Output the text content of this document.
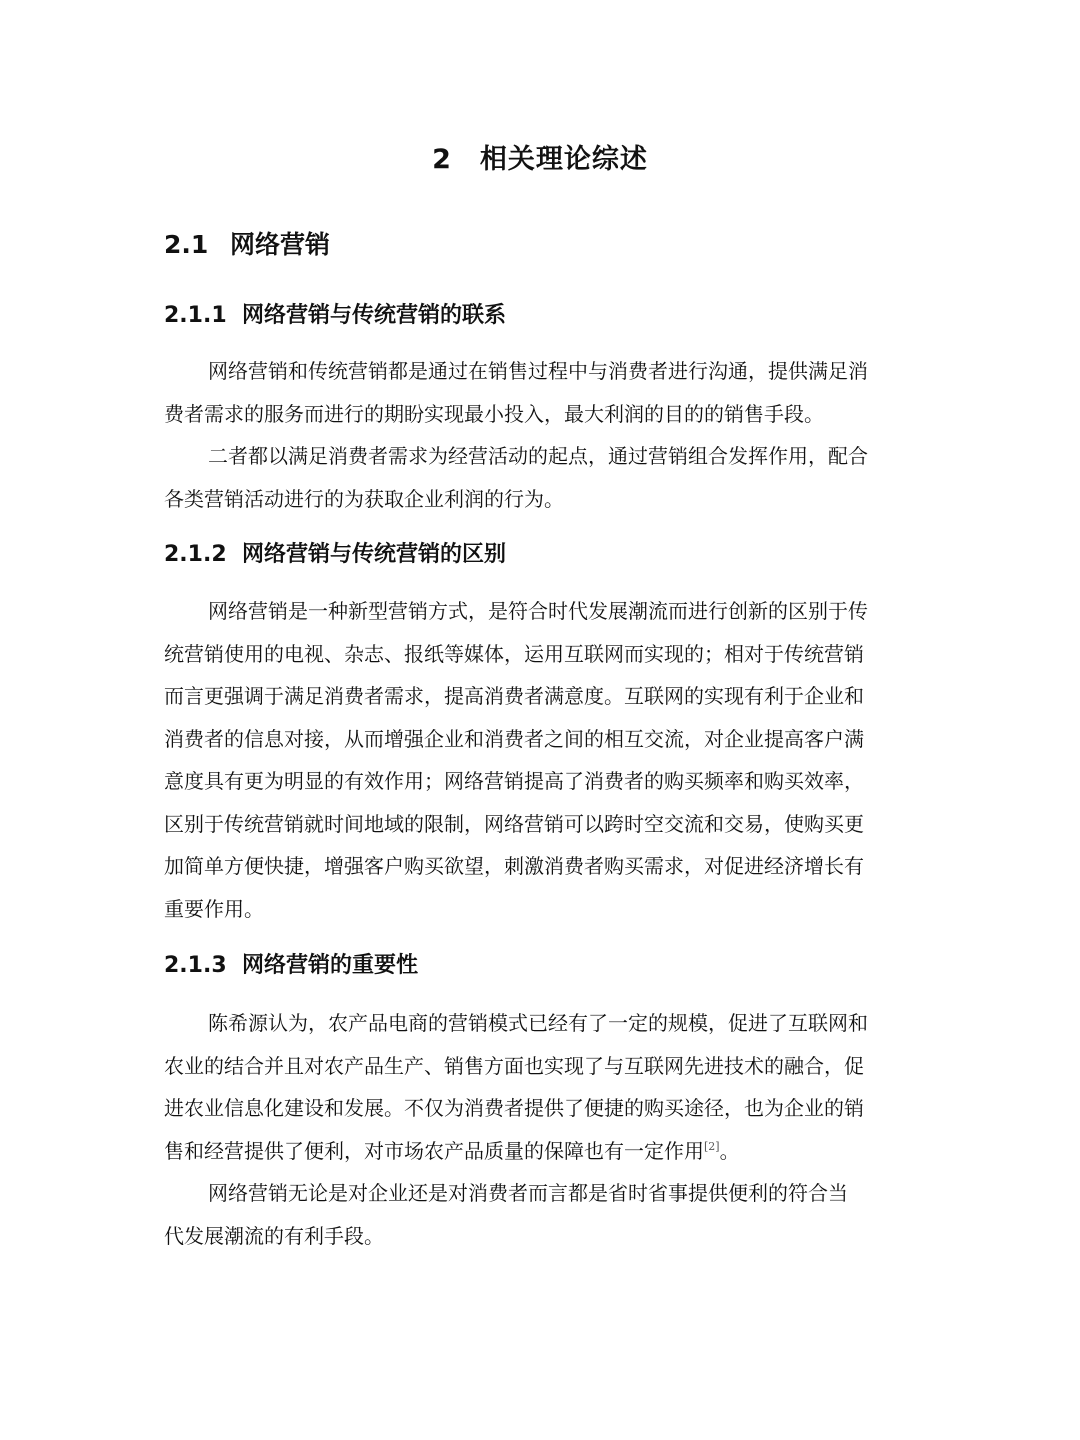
2 相关理论综述
2.1 网络营销
2.1.1 网络营销与传统营销的联系
网络营销和传统营销都是通过在销售过程中与消费者进行沟通，提供满足消
费者需求的服务而进行的期盼实现最小投入，最大利润的目的的销售手段。
二者都以满足消费者需求为经营活动的起点，通过营销组合发挥作用，配合
各类营销活动进行的为获取企业利润的行为。
2.1.2 网络营销与传统营销的区别
网络营销是一种新型营销方式，是符合时代发展潮流而进行创新的区别于传
统营销使用的电视、杂志、报纸等媒体，运用互联网而实现的；相对于传统营销
而言更强调于满足消费者需求，提高消费者满意度。互联网的实现有利于企业和
消费者的信息对接，从而增强企业和消费者之间的相互交流，对企业提高客户满
意度具有更为明显的有效作用；网络营销提高了消费者的购买频率和购买效率，
区别于传统营销就时间地域的限制，网络营销可以跨时空交流和交易，使购买更
加简单方便快捷，增强客户购买欲望，刺激消费者购买需求，对促进经济增长有
重要作用。
2.1.3 网络营销的重要性
陈希源认为，农产品电商的营销模式已经有了一定的规模，促进了互联网和
农业的结合并且对农产品生产、销售方面也实现了与互联网先进技术的融合，促
进农业信息化建设和发展。不仅为消费者提供了便捷的购买途径，也为企业的销
售和经营提供了便利，对市场农产品质量的保障也有一定作用[2]。
网络营销无论是对企业还是对消费者而言都是省时省事提供便利的符合当
代发展潮流的有利手段。
